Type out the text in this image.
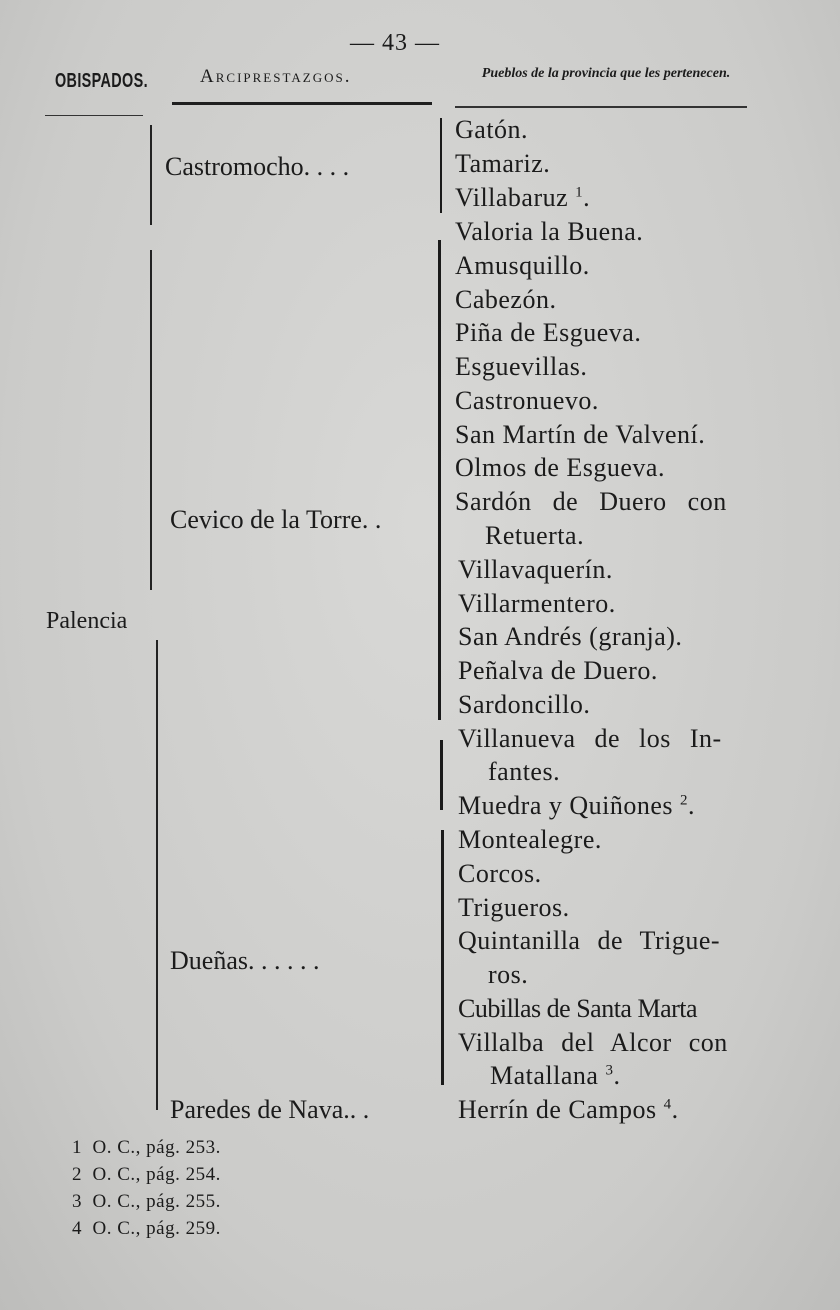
— 43 —
OBISPADOS.	Arciprestazgos.	Pueblos de la provincia que les pertenecen.
Palencia
Castromocho. . . .
Cevico de la Torre. .
Dueñas. . . . . .
Paredes de Nava.. .
Gatón.
Tamariz.
Villabaruz $^1$.
Valoria la Buena.
Amusquillo.
Cabezón.
Piña de Esgueva.
Esguevillas.
Castronuevo.
San Martín de Valvení.
Olmos de Esgueva.
Sardón de Duero con
Retuerta.
Villavaquerín.
Villarmentero.
San Andrés (granja).
Peñalva de Duero.
Sardoncillo.
Villanueva de los In-
fantes.
Muedra y Quiñones $^2$.
Montealegre.
Corcos.
Trigueros.
Quintanilla de Trigue-
ros.
Cubillas de Santa Marta
Villalba del Alcor con
Matallana $^3$.
Herrín de Campos $^4$.
1  O. C., pág. 253.
2  O. C., pág. 254.
3  O. C., pág. 255.
4  O. C., pág. 259.
